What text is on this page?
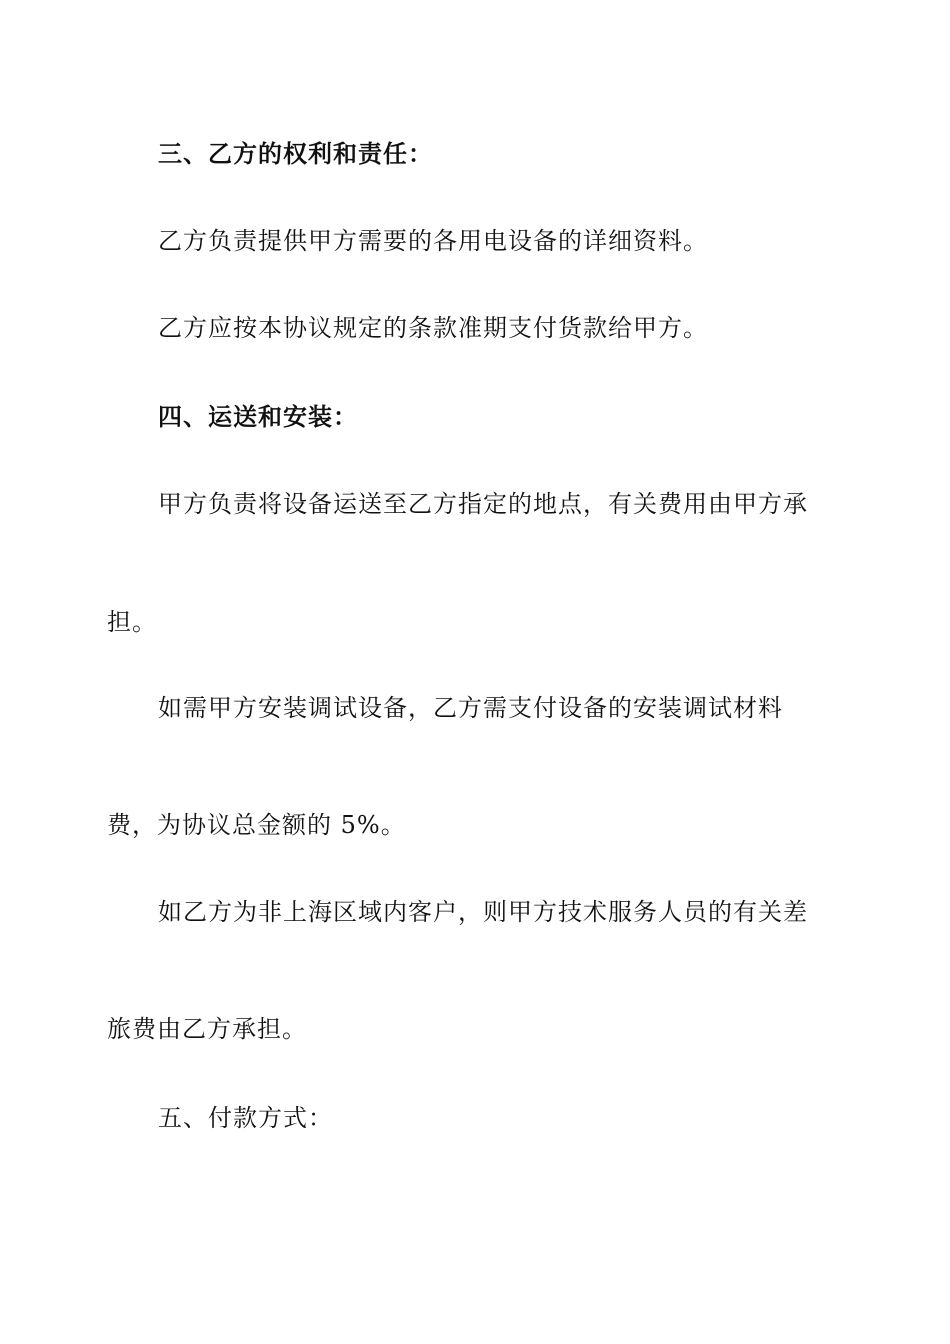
三、乙方的权利和责任：
乙方负责提供甲方需要的各用电设备的详细资料。
乙方应按本协议规定的条款准期支付货款给甲方。
四、运送和安装：
甲方负责将设备运送至乙方指定的地点，有关费用由甲方承
担。
如需甲方安装调试设备，乙方需支付设备的安装调试材料
费，为协议总金额的 5%。
如乙方为非上海区域内客户，则甲方技术服务人员的有关差
旅费由乙方承担。
五、付款方式：
